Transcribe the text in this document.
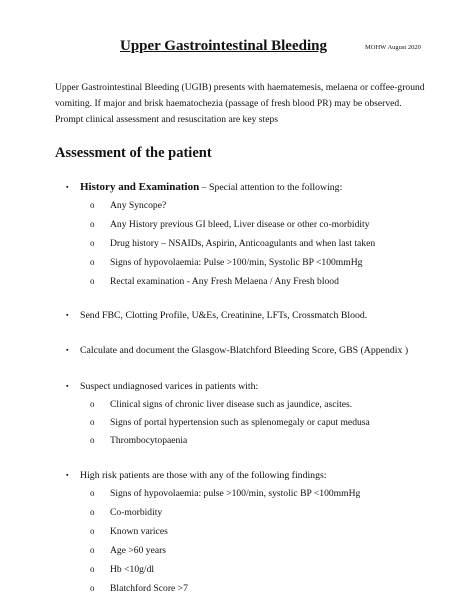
Upper Gastrointestinal Bleeding	MOHW August 2020
Upper Gastrointestinal Bleeding (UGIB) presents with haematemesis, melaena or coffee-ground
vomiting. If major and brisk haematochezia (passage of fresh blood PR) may be observed.
Prompt clinical assessment and resuscitation are key steps
Assessment of the patient
▪ History and Examination – Special attention to the following:
o Any Syncope?
o Any History previous GI bleed, Liver disease or other co-morbidity
o Drug history – NSAIDs, Aspirin, Anticoagulants and when last taken
o Signs of hypovolaemia: Pulse >100/min, Systolic BP <100mmHg
o Rectal examination - Any Fresh Melaena / Any Fresh blood
▪ Send FBC, Clotting Profile, U&Es, Creatinine, LFTs, Crossmatch Blood.
▪ Calculate and document the Glasgow-Blatchford Bleeding Score, GBS (Appendix )
▪ Suspect undiagnosed varices in patients with:
o Clinical signs of chronic liver disease such as jaundice, ascites.
o Signs of portal hypertension such as splenomegaly or caput medusa
o Thrombocytopaenia
▪ High risk patients are those with any of the following findings:
o Signs of hypovolaemia: pulse >100/min, systolic BP <100mmHg
o Co-morbidity
o Known varices
o Age >60 years
o Hb <10g/dl
o Blatchford Score >7
